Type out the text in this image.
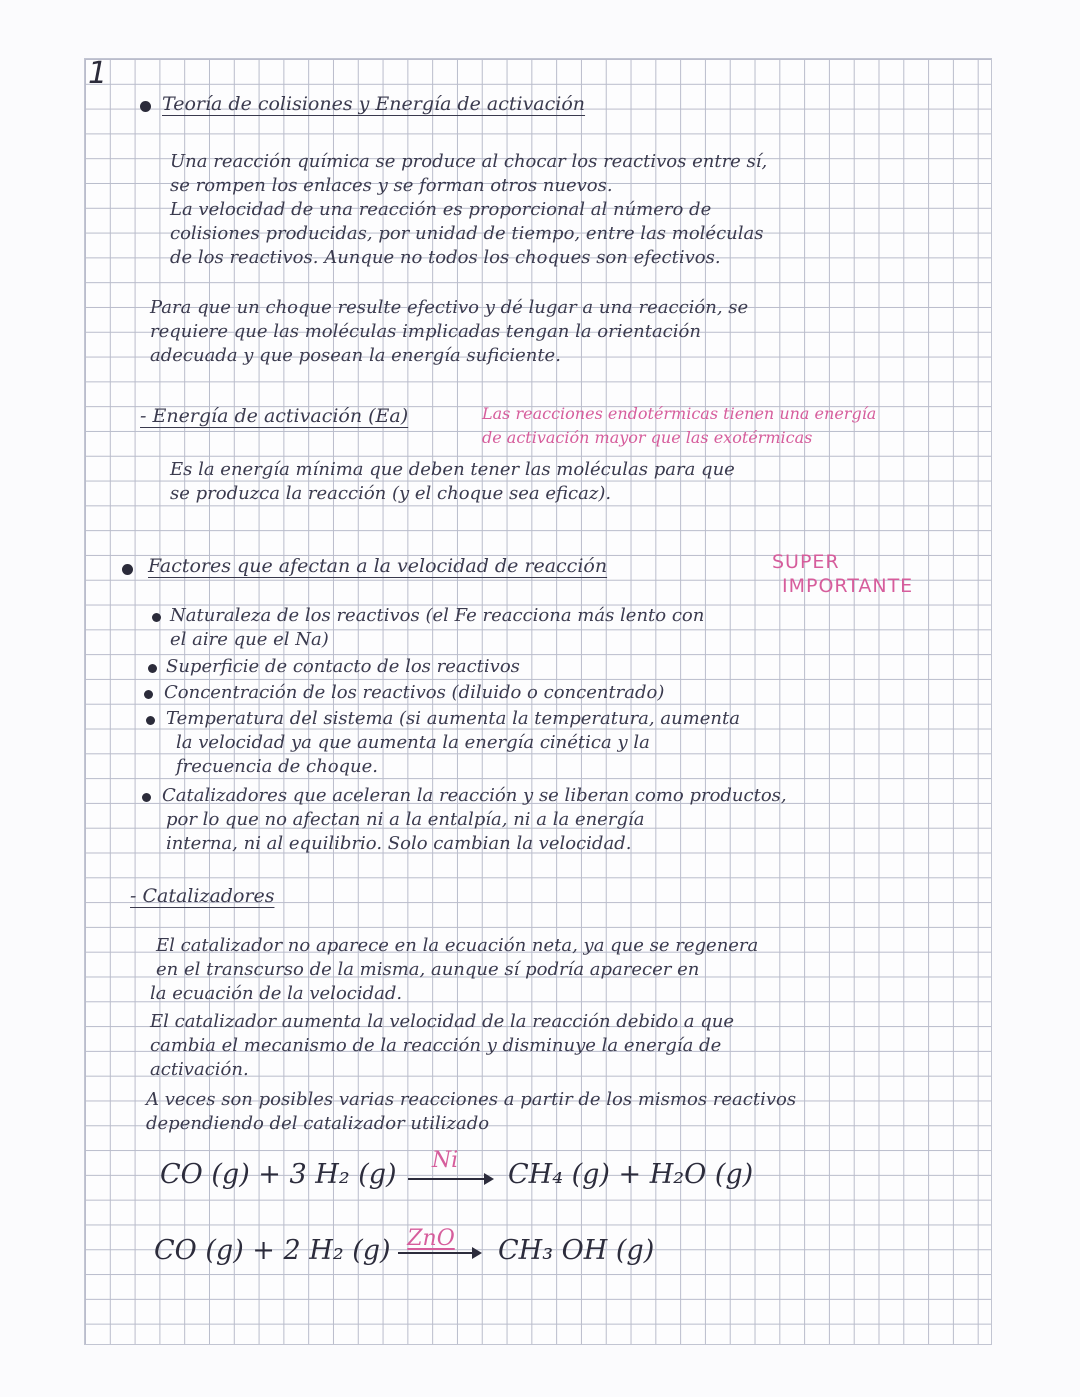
1
Teoría de colisiones y Energía de activación
Una reacción química se produce al chocar los reactivos entre sí,
se rompen los enlaces y se forman otros nuevos.
La velocidad de una reacción es proporcional al número de
colisiones producidas, por unidad de tiempo, entre las moléculas
de los reactivos. Aunque no todos los choques son efectivos.
Para que un choque resulte efectivo y dé lugar a una reacción, se
requiere que las moléculas implicadas tengan la orientación
adecuada y que posean la energía suficiente.
- Energía de activación (Ea)	Las reacciones endotérmicas tienen una energía
de activación mayor que las exotérmicas
Es la energía mínima que deben tener las moléculas para que
se produzca la reacción (y el choque sea eficaz).
Factores que afectan a la velocidad de reacción	SUPER
IMPORTANTE
Naturaleza de los reactivos (el Fe reacciona más lento con
el aire que el Na)
Superficie de contacto de los reactivos
Concentración de los reactivos (diluido o concentrado)
Temperatura del sistema (si aumenta la temperatura, aumenta
la velocidad ya que aumenta la energía cinética y la
frecuencia de choque.
Catalizadores que aceleran la reacción y se liberan como productos,
por lo que no afectan ni a la entalpía, ni a la energía
interna, ni al equilibrio. Solo cambian la velocidad.
- Catalizadores
El catalizador no aparece en la ecuación neta, ya que se regenera
en el transcurso de la misma, aunque sí podría aparecer en
la ecuación de la velocidad.
El catalizador aumenta la velocidad de la reacción debido a que
cambia el mecanismo de la reacción y disminuye la energía de
activación.
A veces son posibles varias reacciones a partir de los mismos reactivos
dependiendo del catalizador utilizado
CO (g) + 3 H₂ (g)	Ni	CH₄ (g) + H₂O (g)
CO (g) + 2 H₂ (g) ZnO	CH₃ OH (g)
